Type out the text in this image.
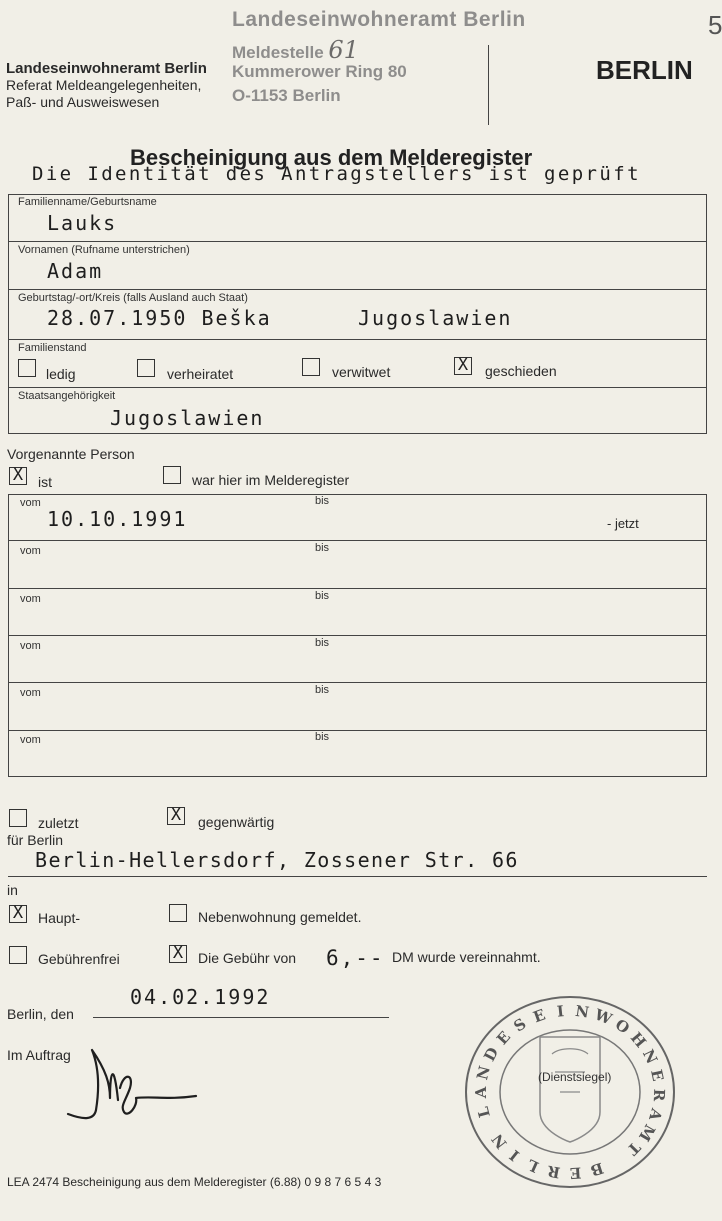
5
Landeseinwohneramt Berlin
Referat Meldeangelegenheiten,
Paß- und Ausweiswesen
BERLIN
Landeseinwohneramt Berlin
Meldestelle 61
Kummerower Ring 80
O-1153 Berlin
Bescheinigung aus dem Melderegister
Die Identität des Antragstellers ist geprüft
Familienname/Geburtsname
Lauks
Vornamen (Rufname unterstrichen)
Adam
Geburtstag/-ort/Kreis (falls Ausland auch Staat)
28.07.1950 Beška	Jugoslawien
Familienstand
ledig	verheiratet	verwitwet	X geschieden
Staatsangehörigkeit
Jugoslawien
Vorgenannte Person
X ist	war hier im Melderegister
vom	bis
10.10.1991	- jetzt
vom	bis
vom	bis
vom	bis
vom	bis
vom	bis
zuletzt	X gegenwärtig
für Berlin
Berlin-Hellersdorf, Zossener Str. 66
in
X Haupt-	Nebenwohnung gemeldet.
Gebührenfrei	X Die Gebühr von 6,-- DM wurde vereinnahmt.
Berlin, den
04.02.1992
Im Auftrag
L
A
N
D
E
S E I N W
O
H
N
E
R
A
M
T
B
E
R
L
I
N
(Dienstsiegel)
LEA 2474 Bescheinigung aus dem Melderegister (6.88) 0 9 8 7 6 5 4 3
